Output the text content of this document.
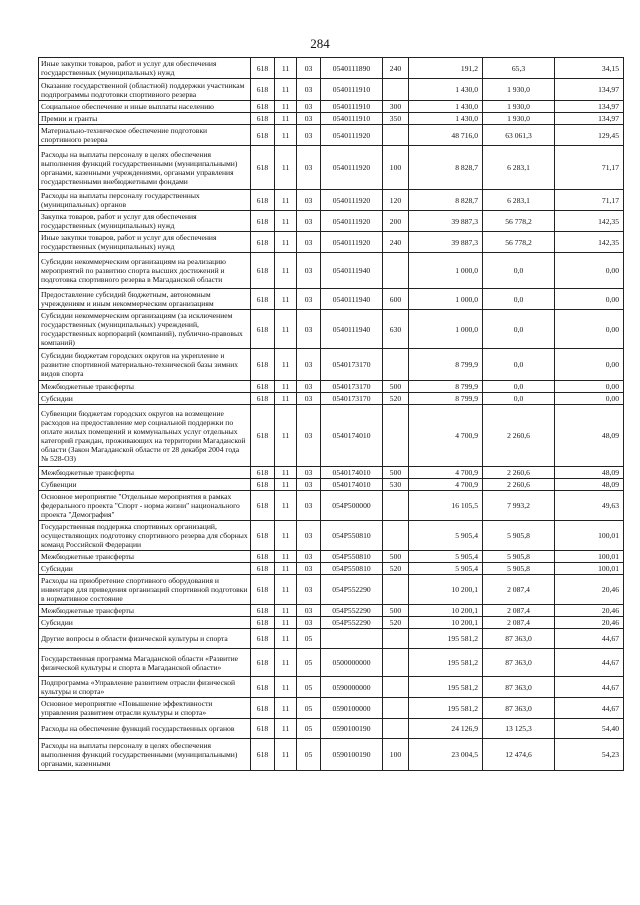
284
Иные закупки товаров, работ и услуг для обеспечения государственных (муниципальных) нужд	618	11	03	0540111890	240	191,2	65,3	34,15
Оказание государственной (областной) поддержки участникам подпрограммы подготовки спортивного резерва	618	11	03	0540111910		1 430,0	1 930,0	134,97
Социальное обеспечение и иные выплаты населению	618	11	03	0540111910	300	1 430,0	1 930,0	134,97
Премии и гранты	618	11	03	0540111910	350	1 430,0	1 930,0	134,97
Материально-техническое обеспечение подготовки спортивного резерва	618	11	03	0540111920		48 716,0	63 061,3	129,45
Расходы на выплаты персоналу в целях обеспечения выполнения функций государственными (муниципальными) органами, казенными учреждениями, органами управления государственными внебюджетными фондами	618	11	03	0540111920	100	8 828,7	6 283,1	71,17
Расходы на выплаты персоналу государственных (муниципальных) органов	618	11	03	0540111920	120	8 828,7	6 283,1	71,17
Закупка товаров, работ и услуг для обеспечения государственных (муниципальных) нужд	618	11	03	0540111920	200	39 887,3	56 778,2	142,35
Иные закупки товаров, работ и услуг для обеспечения государственных (муниципальных) нужд	618	11	03	0540111920	240	39 887,3	56 778,2	142,35
Субсидии некоммерческим организациям на реализацию мероприятий по развитию спорта высших достижений и подготовка спортивного резерва в Магаданской области	618	11	03	0540111940		1 000,0	0,0	0,00
Предоставление субсидий бюджетным, автономным учреждениям и иным некоммерческим организациям	618	11	03	0540111940	600	1 000,0	0,0	0,00
Субсидии некоммерческим организациям (за исключением государственных (муниципальных) учреждений, государственных корпораций (компаний), публично-правовых компаний)	618	11	03	0540111940	630	1 000,0	0,0	0,00
Субсидии бюджетам городских округов на укрепление и развитие спортивной материально-технической базы зимних видов спорта	618	11	03	0540173170		8 799,9	0,0	0,00
Межбюджетные трансферты	618	11	03	0540173170	500	8 799,9	0,0	0,00
Субсидии	618	11	03	0540173170	520	8 799,9	0,0	0,00
Субвенции бюджетам городских округов на возмещение расходов на предоставление мер социальной поддержки по оплате жилых помещений и коммунальных услуг отдельных категорий граждан, проживающих на территории Магаданской области (Закон Магаданской области от 28 декабря 2004 года № 528-ОЗ)	618	11	03	0540174010		4 700,9	2 260,6	48,09
Межбюджетные трансферты	618	11	03	0540174010	500	4 700,9	2 260,6	48,09
Субвенции	618	11	03	0540174010	530	4 700,9	2 260,6	48,09
Основное мероприятие "Отдельные мероприятия в рамках федерального проекта "Спорт - норма жизни" национального проекта "Демография"	618	11	03	054P500000		16 105,5	7 993,2	49,63
Государственная поддержка спортивных организаций, осуществляющих подготовку спортивного резерва для сборных команд Российской Федерации	618	11	03	054P550810		5 905,4	5 905,8	100,01
Межбюджетные трансферты	618	11	03	054P550810	500	5 905,4	5 905,8	100,01
Субсидии	618	11	03	054P550810	520	5 905,4	5 905,8	100,01
Расходы на приобретение спортивного оборудования и инвентаря для приведения организаций спортивной подготовки в нормативное состояние	618	11	03	054P552290		10 200,1	2 087,4	20,46
Межбюджетные трансферты	618	11	03	054P552290	500	10 200,1	2 087,4	20,46
Субсидии	618	11	03	054P552290	520	10 200,1	2 087,4	20,46
Другие вопросы в области физической культуры и спорта	618	11	05			195 581,2	87 363,0	44,67
Государственная программа Магаданской области «Развитие физической культуры и спорта в Магаданской области»	618	11	05	0500000000		195 581,2	87 363,0	44,67
Подпрограмма «Управление развитием отрасли физической культуры и спорта»	618	11	05	0590000000		195 581,2	87 363,0	44,67
Основное мероприятие «Повышение эффективности управления развитием отрасли культуры и спорта»	618	11	05	0590100000		195 581,2	87 363,0	44,67
Расходы на обеспечение функций государственных органов	618	11	05	0590100190		24 126,9	13 125,3	54,40
Расходы на выплаты персоналу в целях обеспечения выполнения функций государственными (муниципальными) органами, казенными	618	11	05	0590100190	100	23 004,5	12 474,6	54,23
